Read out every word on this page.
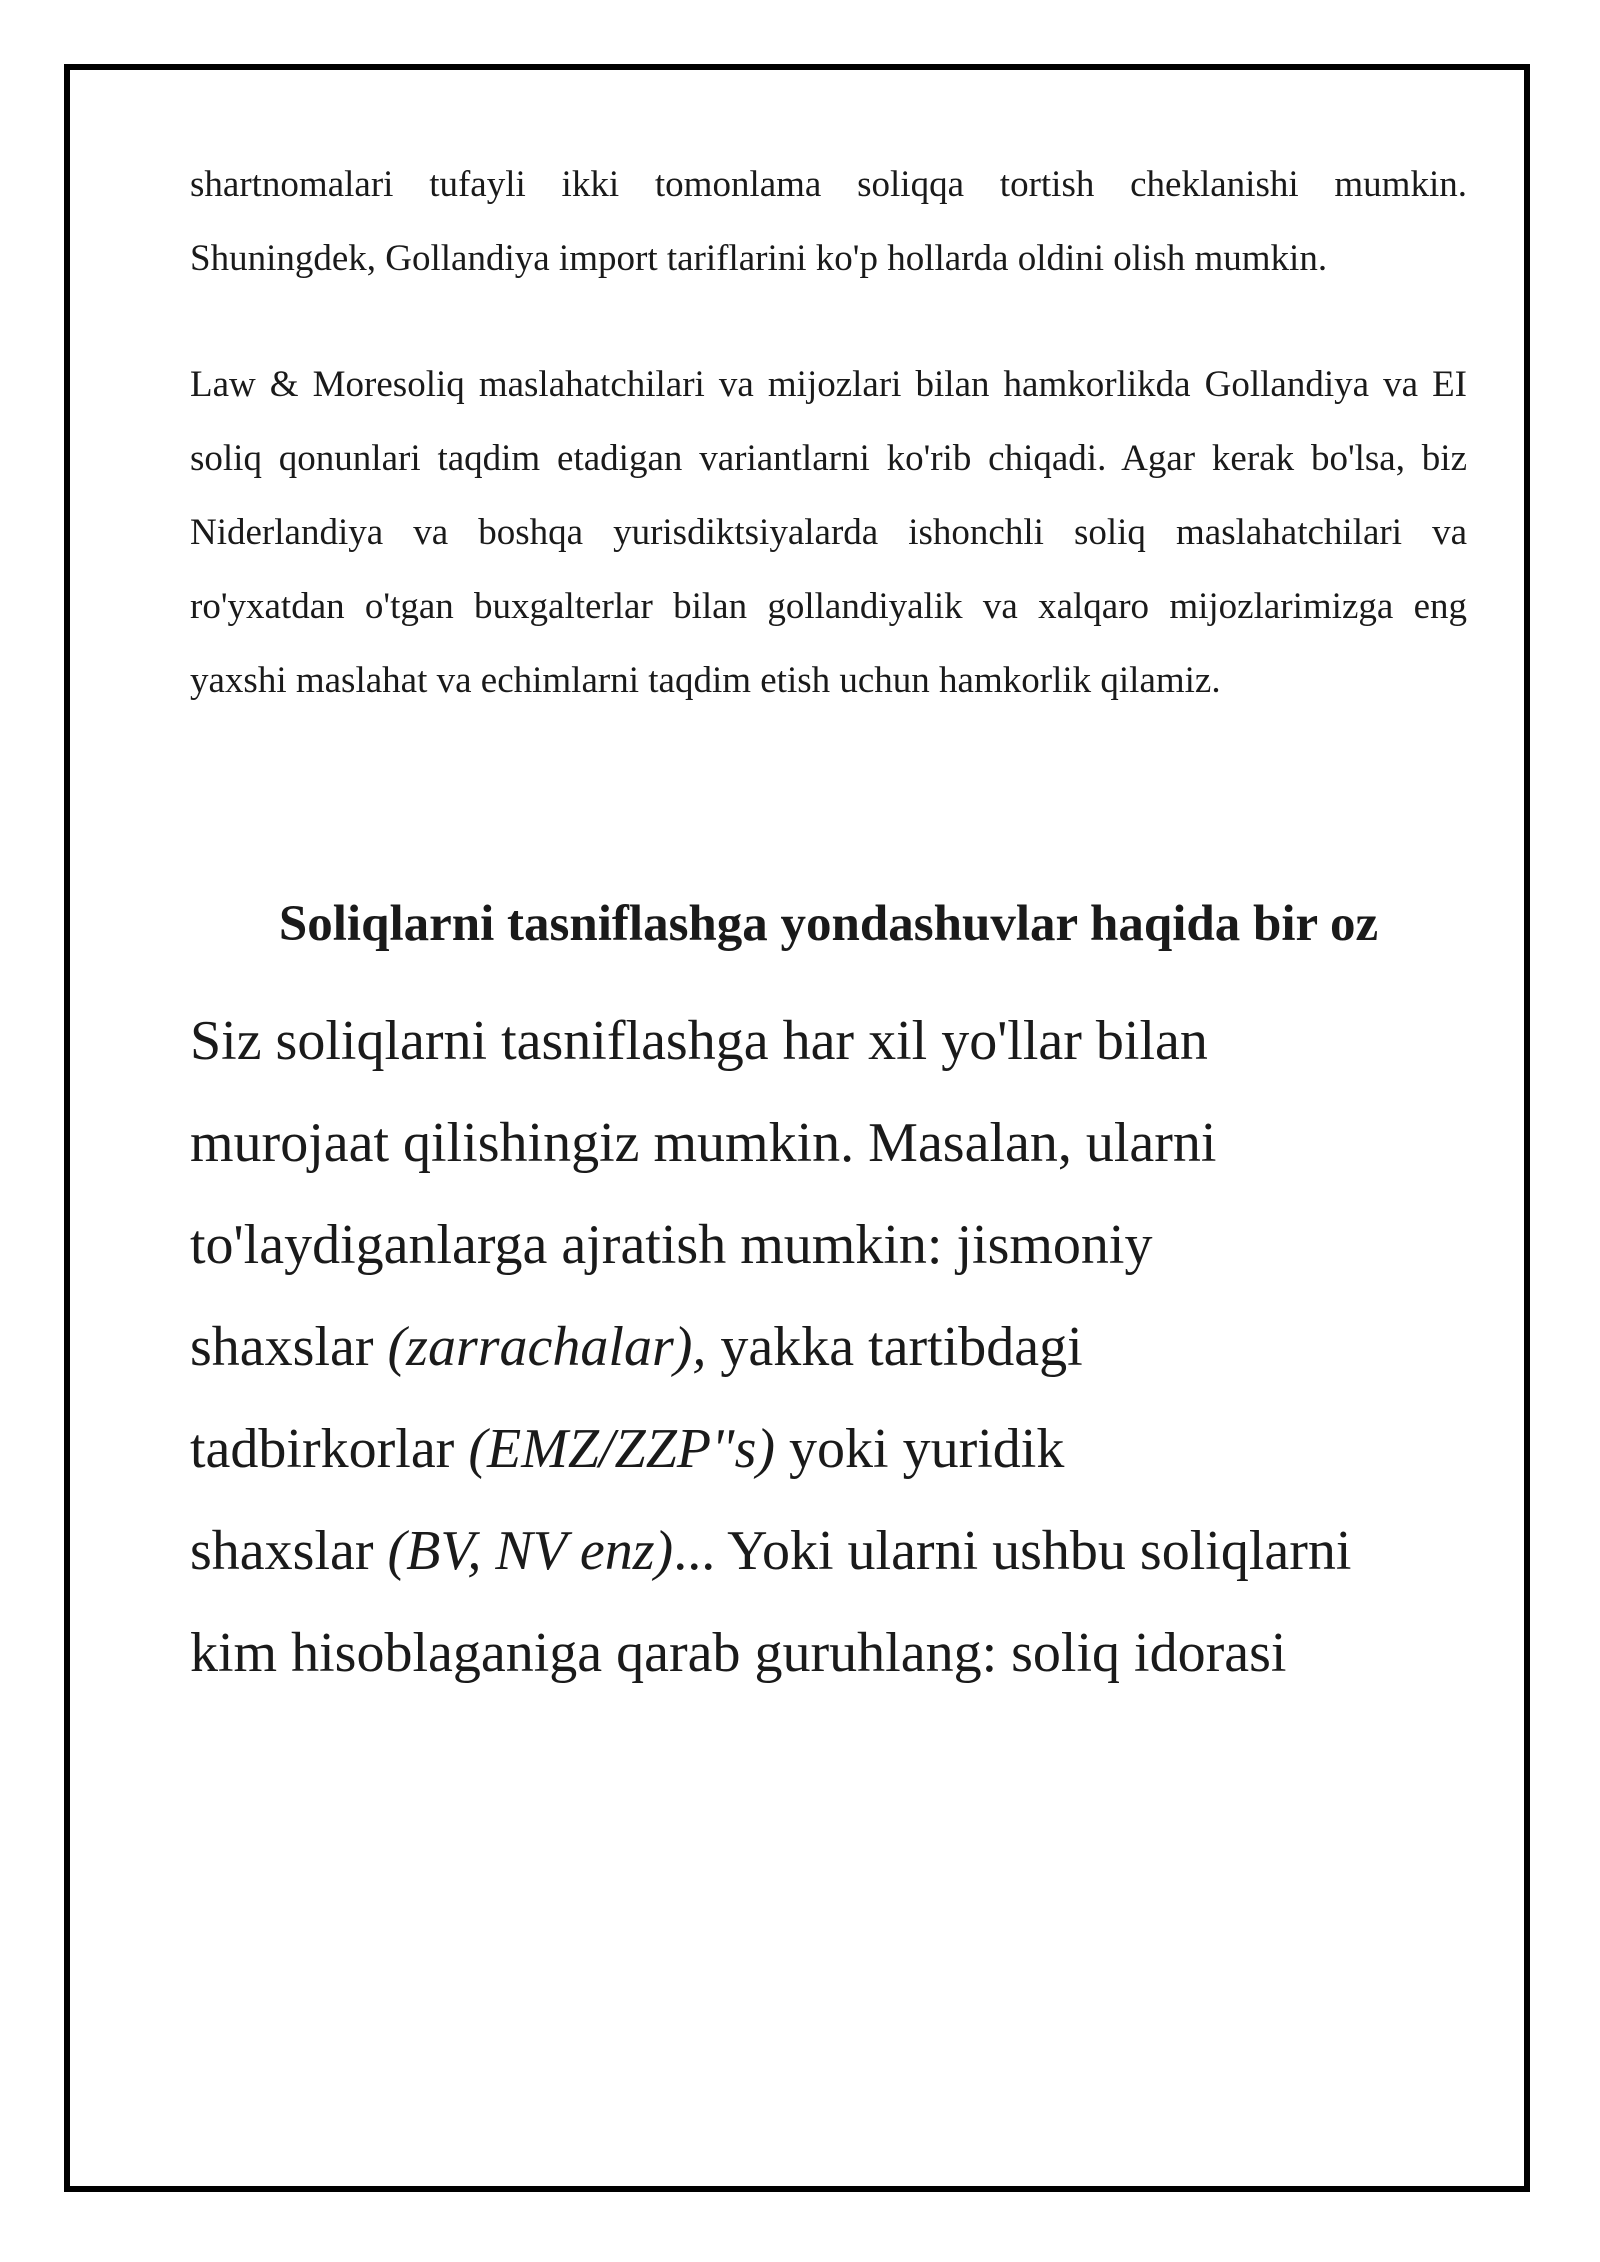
shartnomalari tufayli ikki tomonlama soliqqa tortish cheklanishi mumkin. Shuningdek, Gollandiya import tariflarini ko'p hollarda oldini olish mumkin.

Law & Moresoliq maslahatchilari va mijozlari bilan hamkorlikda Gollandiya va EI soliq qonunlari taqdim etadigan variantlarni ko'rib chiqadi. Agar kerak bo'lsa, biz Niderlandiya va boshqa yurisdiktsiyalarda ishonchli soliq maslahatchilari va ro'yxatdan o'tgan buxgalterlar bilan gollandiyalik va xalqaro mijozlarimizga eng yaxshi maslahat va echimlarni taqdim etish uchun hamkorlik qilamiz.

Soliqlarni tasniflashga yondashuvlar haqida bir oz

Siz soliqlarni tasniflashga har xil yo'llar bilan
murojaat qilishingiz mumkin. Masalan, ularni
to'laydiganlarga ajratish mumkin: jismoniy
shaxslar (zarrachalar), yakka tartibdagi
tadbirkorlar (EMZ/ZZP"s) yoki yuridik
shaxslar (BV, NV enz)... Yoki ularni ushbu soliqlarni
kim hisoblaganiga qarab guruhlang: soliq idorasi
